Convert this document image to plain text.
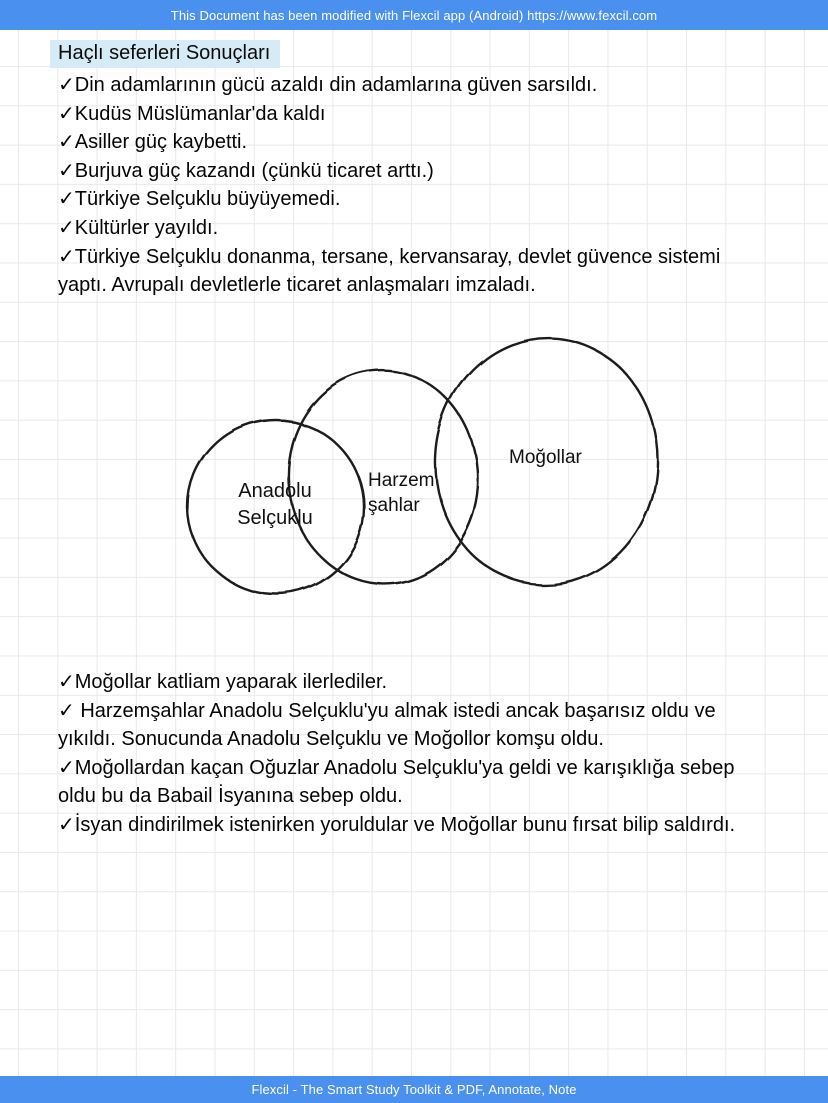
This Document has been modified with Flexcil app (Android) https://www.fexcil.com
Haçlı seferleri Sonuçları

✓Din adamlarının gücü azaldı din adamlarına güven sarsıldı.

✓Kudüs Müslümanlar'da kaldı

✓Asiller güç kaybetti.

✓Burjuva güç kazandı (çünkü ticaret arttı.)

✓Türkiye Selçuklu büyüyemedi.

✓Kültürler yayıldı.

✓Türkiye Selçuklu donanma, tersane, kervansaray, devlet güvence sistemi yaptı. Avrupalı devletlerle ticaret anlaşmaları imzaladı.

Anadolu Selçuklu
Harzem şahlar
Moğollar

✓Moğollar katliam yaparak ilerlediler.

✓ Harzemşahlar Anadolu Selçuklu'yu almak istedi ancak başarısız oldu ve yıkıldı. Sonucunda Anadolu Selçuklu ve Moğollor komşu oldu.

✓Moğollardan kaçan Oğuzlar Anadolu Selçuklu'ya geldi ve karışıklığa sebep oldu bu da Babail İsyanına sebep oldu.

✓İsyan dindirilmek istenirken yoruldular ve Moğollar bunu fırsat bilip saldırdı.

Flexcil - The Smart Study Toolkit & PDF, Annotate, Note
